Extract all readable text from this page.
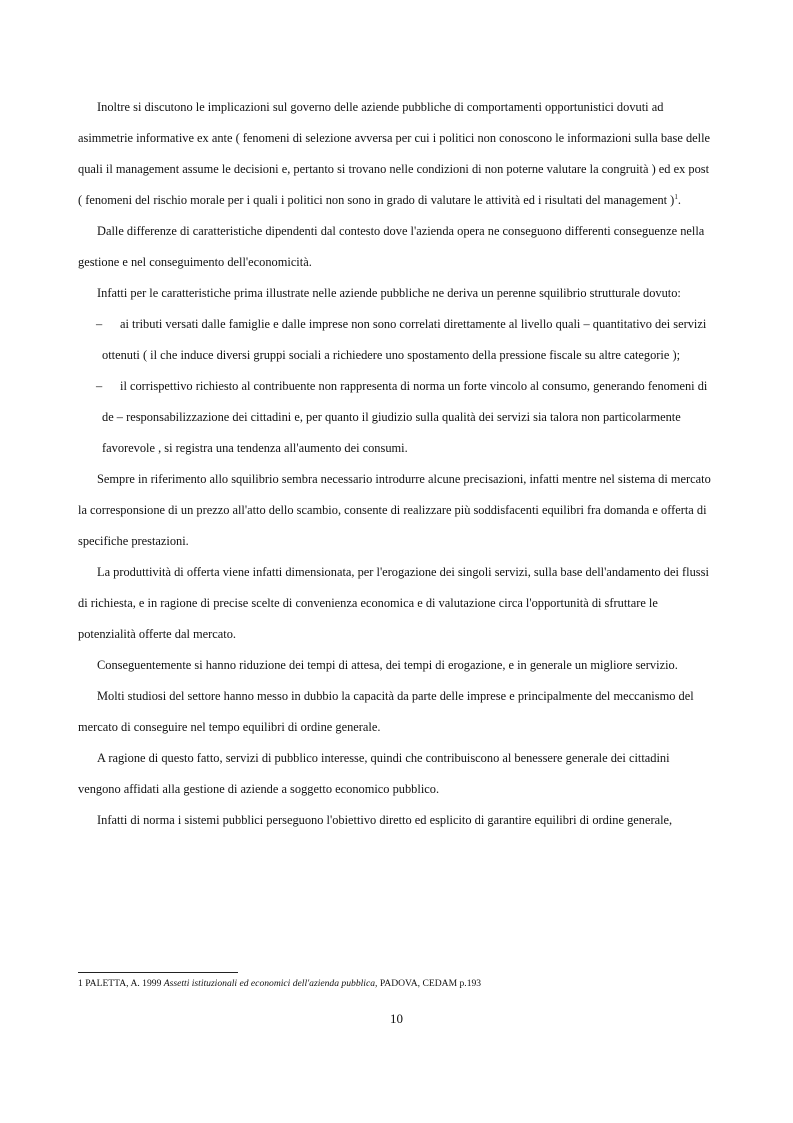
Inoltre si discutono le implicazioni sul governo delle aziende pubbliche di comportamenti opportunistici dovuti ad asimmetrie informative ex ante ( fenomeni di selezione avversa per cui i politici non conoscono le informazioni sulla base delle quali il management assume le decisioni e, pertanto si trovano nelle condizioni di non poterne valutare la congruità ) ed ex post ( fenomeni del rischio morale per i quali i politici non sono in grado di valutare le attività ed i risultati del management )$^1$.

Dalle differenze di caratteristiche dipendenti dal contesto dove l'azienda opera ne conseguono differenti conseguenze nella gestione e nel conseguimento dell'economicità.

Infatti per le caratteristiche prima illustrate nelle aziende pubbliche ne deriva un perenne squilibrio strutturale dovuto:

–	ai tributi versati dalle famiglie e dalle imprese non sono correlati direttamente al livello quali – quantitativo dei servizi ottenuti ( il che induce diversi gruppi sociali a richiedere uno spostamento della pressione fiscale su altre categorie );
–	il corrispettivo richiesto al contribuente non rappresenta di norma un forte vincolo al consumo, generando fenomeni di de – responsabilizzazione dei cittadini e, per quanto il giudizio sulla qualità dei servizi sia talora non particolarmente favorevole , si registra una tendenza all'aumento dei consumi.

Sempre in riferimento allo squilibrio sembra necessario introdurre alcune precisazioni, infatti mentre nel sistema di mercato la corresponsione di un prezzo all'atto dello scambio, consente di realizzare più soddisfacenti equilibri fra domanda e offerta di specifiche prestazioni.

La produttività di offerta viene infatti dimensionata, per l'erogazione dei singoli servizi, sulla base dell'andamento dei flussi di richiesta, e in ragione di precise scelte di convenienza economica e di valutazione circa l'opportunità di sfruttare le potenzialità offerte dal mercato.

Conseguentemente si hanno riduzione dei tempi di attesa, dei tempi di erogazione, e in generale un migliore servizio.

Molti studiosi del settore hanno messo in dubbio la capacità da parte delle imprese e principalmente del meccanismo del mercato di conseguire nel tempo equilibri di ordine generale.

A ragione di questo fatto, servizi di pubblico interesse, quindi che contribuiscono al benessere generale dei cittadini vengono affidati alla gestione di aziende a soggetto economico pubblico.

Infatti di norma i sistemi pubblici perseguono l'obiettivo diretto ed esplicito di garantire equilibri di ordine generale,

1 PALETTA, A. 1999 Assetti istituzionali ed economici dell'azienda pubblica, PADOVA, CEDAM p.193
10
